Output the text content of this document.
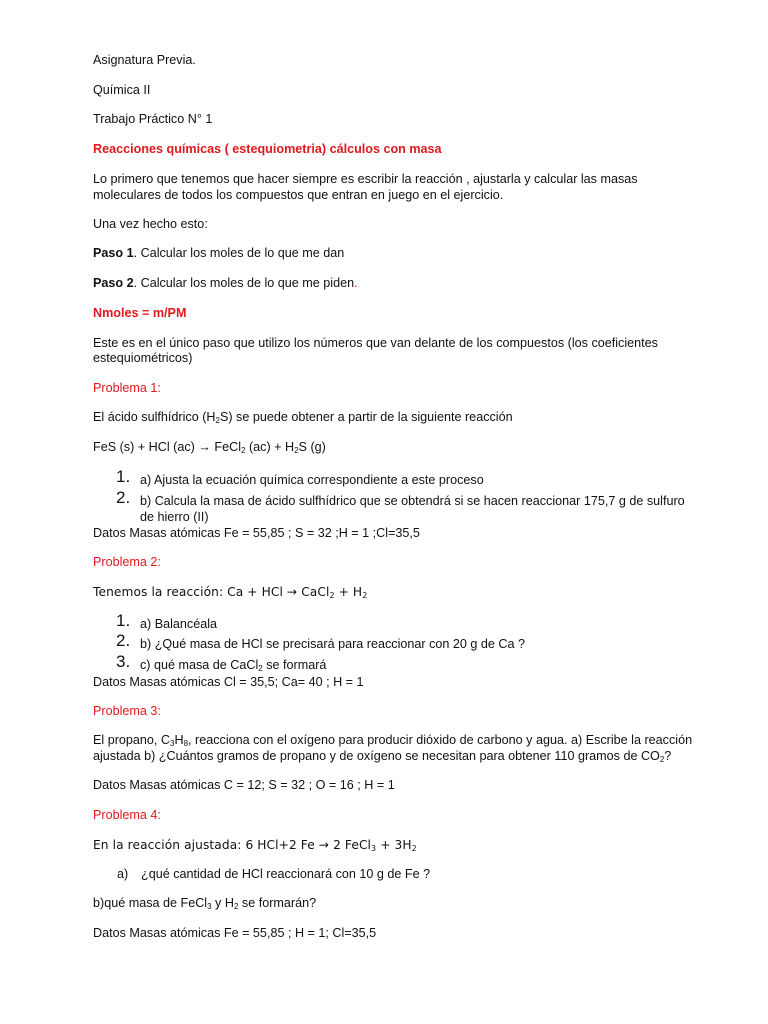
Asignatura Previa.
Química II
Trabajo Práctico N° 1
Reacciones químicas ( estequiometria) cálculos con masa
Lo primero que tenemos que hacer siempre es escribir la reacción , ajustarla y calcular las masas
moleculares de todos los compuestos que entran en juego en el ejercicio.
Una vez hecho esto:
Paso 1. Calcular los moles de lo que me dan
Paso 2. Calcular los moles de lo que me piden.
Nmoles = m/PM
Este es en el único paso que utilizo los números que van delante de los compuestos (los coeficientes
estequiométricos)
Problema 1:
El ácido sulfhídrico $(H_2S)$ se puede obtener a partir de la siguiente reacción
FeS (s) + HCl (ac) → FeCl$_2$ $(ac) + H_2S$ (g)
1. a) Ajusta la ecuación química correspondiente a este proceso
2. b) Calcula la masa de ácido sulfhídrico que se obtendrá si se hacen reaccionar 175,7 g de sulfuro
de hierro (II)
Datos Masas atómicas Fe = 55,85 ; S = 32 ;H = 1 ;Cl=35,5
Problema 2:
Tenemos la reacción: Ca + HCl → CaCl$_2$ + $H_2$
1. a) Balancéala
2. b) ¿Qué masa de HCl se precisará para reaccionar con 20 g de Ca ?
3. c) qué masa de CaCl$_2$ se formará
Datos Masas atómicas Cl = 35,5; Ca= 40 ; H = 1
Problema 3:
El propano, $C_3H_8$, reacciona con el oxígeno para producir dióxido de carbono y agua. a) Escribe la reacción
ajustada b) ¿Cuántos gramos de propano y de oxígeno se necesitan para obtener 110 gramos de $CO_2$?
Datos Masas atómicas C = 12; S = 32 ; O = 16 ; H = 1
Problema 4:
En la reacción ajustada: 6 HCl+2 Fe → 2 FeCl$_3$ + $3H_2$
a) ¿qué cantidad de HCl reaccionará con 10 g de Fe ?
b)qué masa de FeCl$_3$ y $H_2$ se formarán?
Datos Masas atómicas Fe = 55,85 ; H = 1; Cl=35,5
